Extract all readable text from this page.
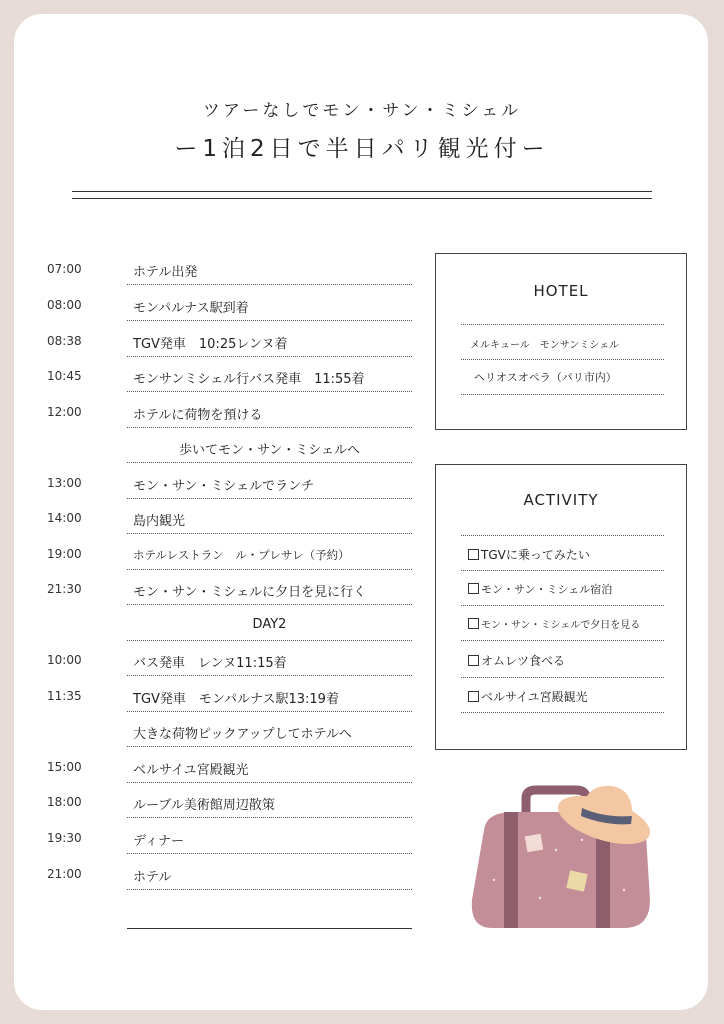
ツアーなしでモン・サン・ミシェル
ー1泊2日で半日パリ観光付ー
07:00	ホテル出発
08:00	モンパルナス駅到着
08:38	TGV発車　10:25レンヌ着
10:45	モンサンミシェル行バス発車　11:55着
12:00	ホテルに荷物を預ける
歩いてモン・サン・ミシェルへ
13:00	モン・サン・ミシェルでランチ
14:00	島内観光
19:00	ホテルレストラン　ル・プレサレ（予約）
21:30	モン・サン・ミシェルに夕日を見に行く
DAY2
10:00	バス発車　レンヌ11:15着
11:35	TGV発車　モンパルナス駅13:19着
大きな荷物ピックアップしてホテルへ
15:00	ベルサイユ宮殿観光
18:00	ルーブル美術館周辺散策
19:30	ディナー
21:00	ホテル
HOTEL
メルキュール　モンサンミシェル
ヘリオスオペラ（パリ市内）
ACTIVITY
TGVに乗ってみたい
モン・サン・ミシェル宿泊
モン・サン・ミシェルで夕日を見る
オムレツ食べる
ベルサイユ宮殿観光
